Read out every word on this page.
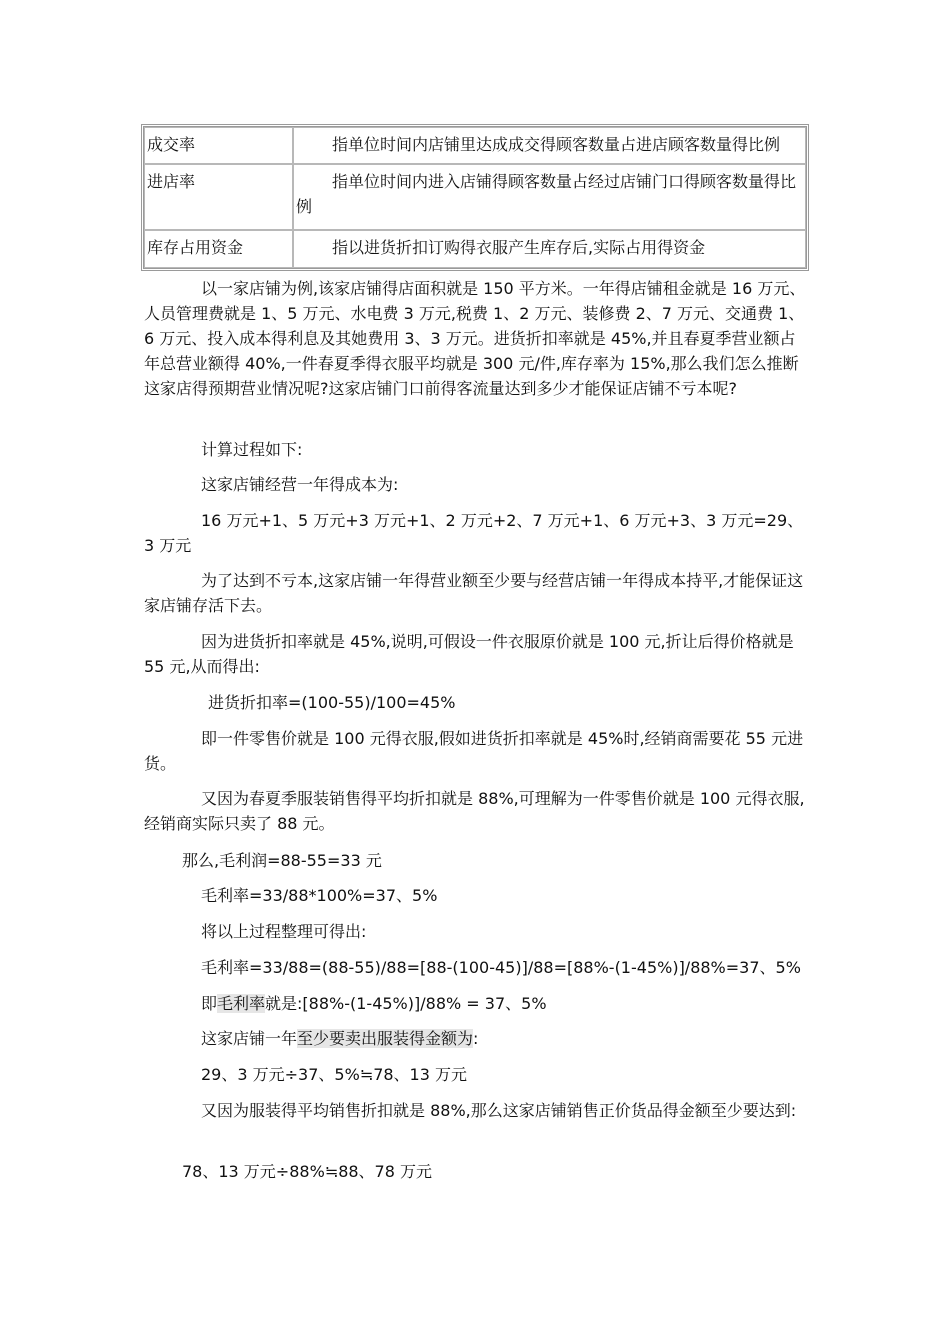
成交率	指单位时间内店铺里达成成交得顾客数量占进店顾客数量得比例
进店率	指单位时间内进入店铺得顾客数量占经过店铺门口得顾客数量得比例
库存占用资金	指以进货折扣订购得衣服产生库存后,实际占用得资金

以一家店铺为例,该家店铺得店面积就是 150 平方米。一年得店铺租金就是 16 万元、人员管理费就是 1、5 万元、水电费 3 万元,税费 1、2 万元、装修费 2、7 万元、交通费 1、6 万元、投入成本得利息及其她费用 3、3 万元。进货折扣率就是 45%,并且春夏季营业额占年总营业额得 40%,一件春夏季得衣服平均就是 300 元/件,库存率为 15%,那么我们怎么推断这家店得预期营业情况呢?这家店铺门口前得客流量达到多少才能保证店铺不亏本呢?

计算过程如下:

这家店铺经营一年得成本为:

16 万元+1、5 万元+3 万元+1、2 万元+2、7 万元+1、6 万元+3、3 万元=29、3 万元

为了达到不亏本,这家店铺一年得营业额至少要与经营店铺一年得成本持平,才能保证这家店铺存活下去。

因为进货折扣率就是 45%,说明,可假设一件衣服原价就是 100 元,折让后得价格就是 55 元,从而得出:

进货折扣率=(100-55)/100=45%

即一件零售价就是 100 元得衣服,假如进货折扣率就是 45%时,经销商需要花 55 元进货。

又因为春夏季服装销售得平均折扣就是 88%,可理解为一件零售价就是 100 元得衣服,经销商实际只卖了 88 元。

那么,毛利润=88-55=33 元

毛利率=33/88*100%=37、5%

将以上过程整理可得出:

毛利率=33/88=(88-55)/88=[88-(100-45)]/88=[88%-(1-45%)]/88%=37、5%

即毛利率就是:[88%-(1-45%)]/88% = 37、5%

这家店铺一年至少要卖出服装得金额为:

29、3 万元÷37、5%≒78、13 万元

又因为服装得平均销售折扣就是 88%,那么这家店铺销售正价货品得金额至少要达到:

78、13 万元÷88%≒88、78 万元
